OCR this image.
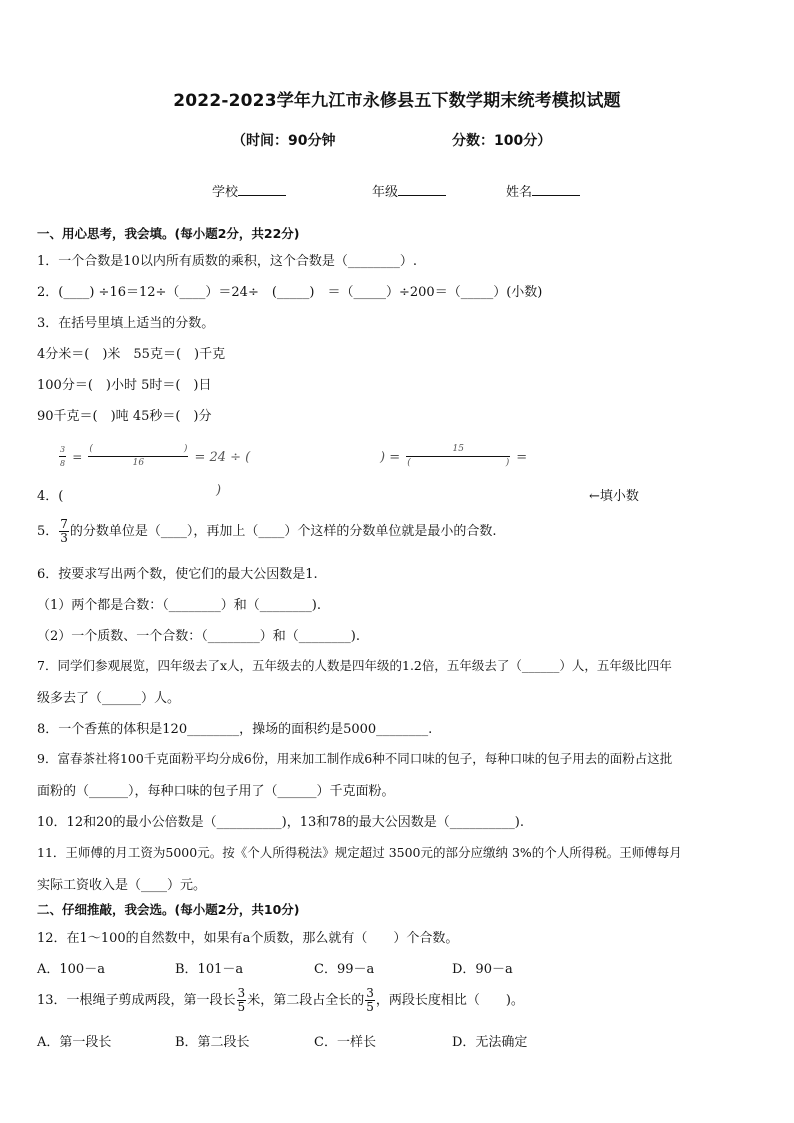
2022-2023学年九江市永修县五下数学期末统考模拟试题
（时间：90分钟	分数：100分）
学校	年级	姓名
一、用心思考，我会填。(每小题2分，共22分)
1．一个合数是10以内所有质数的乘积，这个合数是（________）.
2．(____) ÷16＝12÷（____）＝24÷　(_____)　＝（_____）÷200＝（_____）(小数)
3．在括号里填上适当的分数。
4分米＝(　)米　55克＝(　)千克
100分＝(　)小时 5时＝(　)日
90千克＝(　)吨 45秒＝(　)分
$\frac{3}{8}$ = (	)
16 = 24 ÷ (	) = 15
(	) =
4．(	)	←填小数
5． $\frac{7}{3}$ 的分数单位是（____），再加上（____）个这样的分数单位就是最小的合数.
6．按要求写出两个数，使它们的最大公因数是1.
（1）两个都是合数：（________）和（________).
（2）一个质数、一个合数：（________）和（________).
7．同学们参观展览，四年级去了x人，五年级去的人数是四年级的1.2倍，五年级去了（______）人，五年级比四年
级多去了（______）人。
8．一个香蕉的体积是120________，操场的面积约是5000________.
9．富春茶社将100千克面粉平均分成6份，用来加工制作成6种不同口味的包子，每种口味的包子用去的面粉占这批
面粉的（______），每种口味的包子用了（______）千克面粉。
10．12和20的最小公倍数是（__________)，13和78的最大公因数是（__________).
11．王师傅的月工资为5000元。按《个人所得税法》规定超过 3500元的部分应缴纳 3%的个人所得税。王师傅每月
实际工资收入是（____）元。
二、仔细推敲，我会选。(每小题2分，共10分)
12．在1～100的自然数中，如果有a个质数，那么就有（　　）个合数。
A．100－a	B．101－a	C．99－a	D．90－a
13．一根绳子剪成两段，第一段长 $\frac{3}{5}$ 米，第二段占全长的 $\frac{3}{5}$ ，两段长度相比（　　)。
A．第一段长	B．第二段长	C．一样长	D．无法确定
